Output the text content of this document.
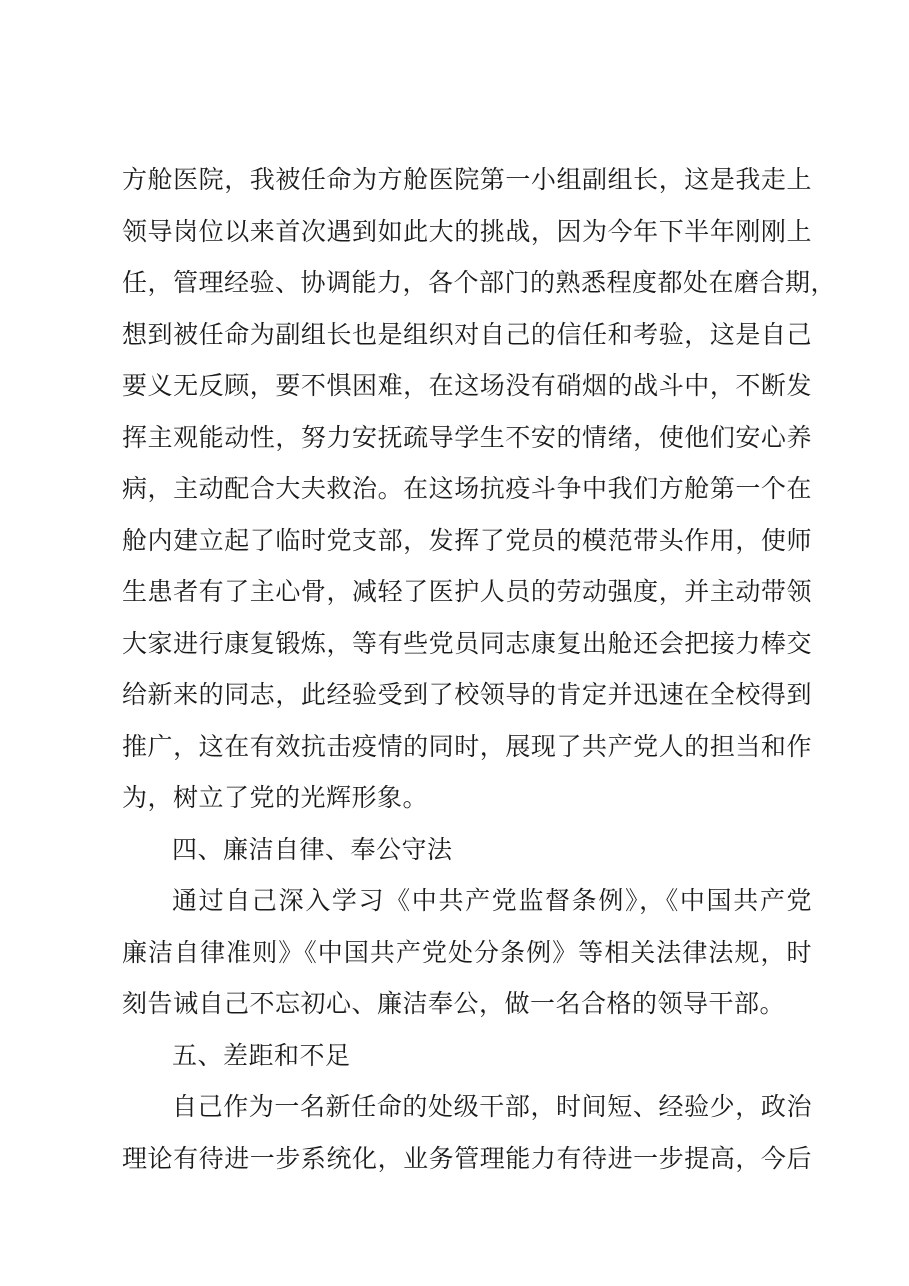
方舱医院，我被任命为方舱医院第一小组副组长，这是我走上
领导岗位以来首次遇到如此大的挑战，因为今年下半年刚刚上
任，管理经验、协调能力，各个部门的熟悉程度都处在磨合期，
想到被任命为副组长也是组织对自己的信任和考验，这是自己
要义无反顾，要不惧困难，在这场没有硝烟的战斗中，不断发
挥主观能动性，努力安抚疏导学生不安的情绪，使他们安心养
病，主动配合大夫救治。在这场抗疫斗争中我们方舱第一个在
舱内建立起了临时党支部，发挥了党员的模范带头作用，使师
生患者有了主心骨，减轻了医护人员的劳动强度，并主动带领
大家进行康复锻炼，等有些党员同志康复出舱还会把接力棒交
给新来的同志，此经验受到了校领导的肯定并迅速在全校得到
推广，这在有效抗击疫情的同时，展现了共产党人的担当和作
为，树立了党的光辉形象。
四、廉洁自律、奉公守法
通过自己深入学习《中共产党监督条例》，《中国共产党
廉洁自律准则》《中国共产党处分条例》等相关法律法规，时
刻告诫自己不忘初心、廉洁奉公，做一名合格的领导干部。
五、差距和不足
自己作为一名新任命的处级干部，时间短、经验少，政治
理论有待进一步系统化，业务管理能力有待进一步提高，今后
